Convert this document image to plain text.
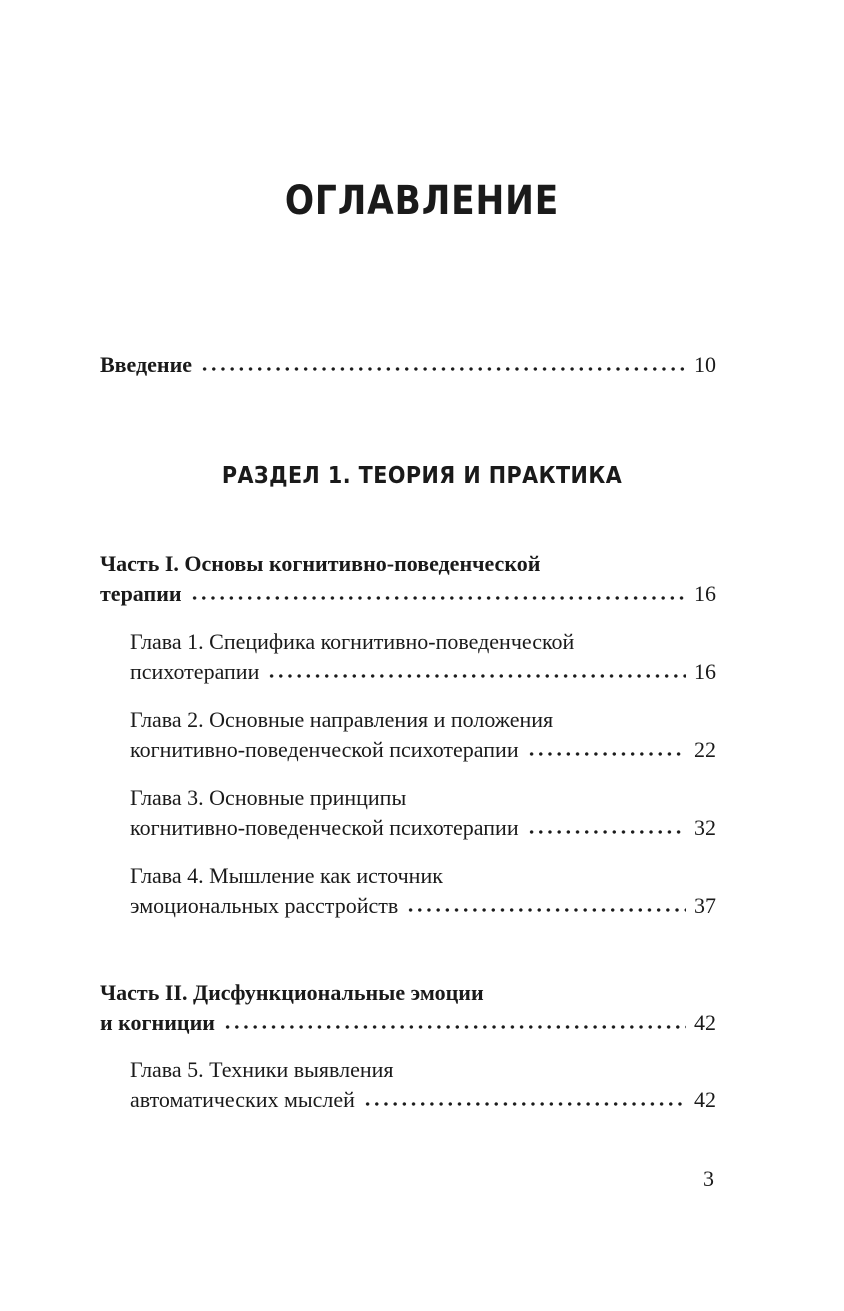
ОГЛАВЛЕНИЕ
Введение	10
РАЗДЕЛ 1. ТЕОРИЯ И ПРАКТИКА
Часть I. Основы когнитивно-поведенческой
терапии	16
Глава 1. Специфика когнитивно-поведенческой
психотерапии	16
Глава 2. Основные направления и положения
когнитивно-поведенческой психотерапии	22
Глава 3. Основные принципы
когнитивно-поведенческой психотерапии	32
Глава 4. Мышление как источник
эмоциональных расстройств	37
Часть II. Дисфункциональные эмоции
и когниции	42
Глава 5. Техники выявления
автоматических мыслей	42
3
